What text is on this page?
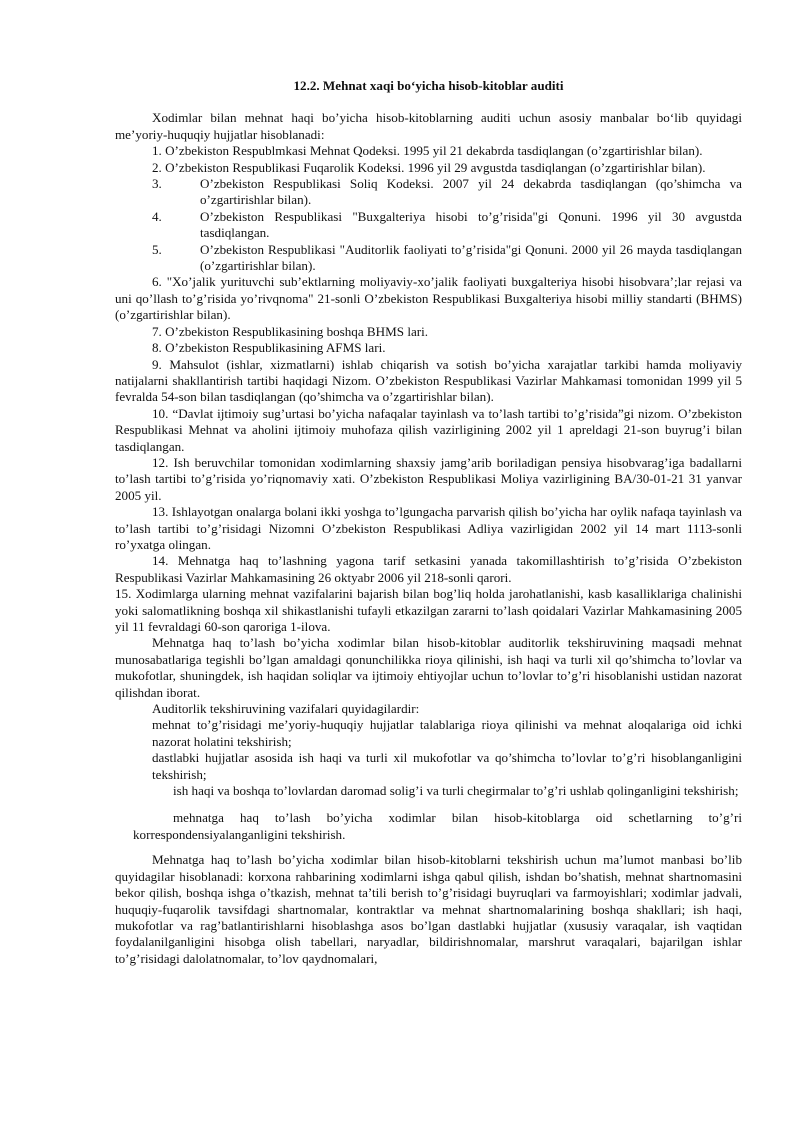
12.2. Mehnat xaqi bo‘yicha hisob-kitoblar auditi

Xodimlar bilan mehnat haqi bo’yicha hisob-kitoblarning auditi uchun asosiy manbalar bo‘lib quyidagi me’yoriy-huquqiy hujjatlar hisoblanadi:

1. O’zbekiston Respublmkasi Mehnat Qodeksi. 1995 yil 21 dekabrda tasdiqlangan (o’zgartirishlar bilan).

2. O’zbekiston Respublikasi Fuqarolik Kodeksi. 1996 yil 29 avgustda tasdiqlangan (o’zgartirishlar bilan).

3.	O’zbekiston Respublikasi Soliq Kodeksi. 2007 yil 24 dekabrda tasdiqlangan (qo’shimcha va o’zgartirishlar bilan).
4.	O’zbekiston Respublikasi "Buxgalteriya hisobi to’g’risida"gi Qonuni. 1996 yil 30 avgustda tasdiqlangan.
5.	O’zbekiston Respublikasi "Auditorlik faoliyati to’g’risida"gi Qonuni. 2000 yil 26 mayda tasdiqlangan (o’zgartirishlar bilan).

6. "Xo’jalik yurituvchi sub’ektlarning moliyaviy-xo’jalik faoliyati buxgalteriya hisobi hisobvara’;lar rejasi va uni qo’llash to’g’risida yo’rivqnoma" 21-sonli O’zbekiston Respublikasi Buxgalteriya hisobi milliy standarti (BHMS) (o’zgartirishlar bilan).

7. O’zbekiston Respublikasining boshqa BHMS lari.

8. O’zbekiston Respublikasining AFMS lari.

9. Mahsulot (ishlar, xizmatlarni) ishlab chiqarish va sotish bo’yicha xarajatlar tarkibi hamda moliyaviy natijalarni shakllantirish tartibi haqidagi Nizom. O’zbekiston Respublikasi Vazirlar Mahkamasi tomonidan 1999 yil 5 fevralda 54-son bilan tasdiqlangan (qo’shimcha va o’zgartirishlar bilan).

10. “Davlat ijtimoiy sug’urtasi bo’yicha nafaqalar tayinlash va to’lash tartibi to’g’risida”gi nizom. O’zbekiston Respublikasi Mehnat va aholini ijtimoiy muhofaza qilish vazirligining 2002 yil 1 apreldagi 21-son buyrug’i bilan tasdiqlangan.

12. Ish beruvchilar tomonidan xodimlarning shaxsiy jamg’arib boriladigan pensiya hisobvarag’iga badallarni to’lash tartibi to’g’risida yo’riqnomaviy xati. O’zbekiston Respublikasi Moliya vazirligining BA/30-01-21 31 yanvar 2005 yil.

13. Ishlayotgan onalarga bolani ikki yoshga to’lgungacha parvarish qilish bo’yicha har oylik nafaqa tayinlash va to’lash tartibi to’g’risidagi Nizomni O’zbekiston Respublikasi Adliya vazirligidan 2002 yil 14 mart 1113-sonli ro’yxatga olingan.

14. Mehnatga haq to’lashning yagona tarif setkasini yanada takomillashtirish to’g’risida O’zbekiston Respublikasi Vazirlar Mahkamasining 26 oktyabr 2006 yil 218-sonli qarori.

15. Xodimlarga ularning mehnat vazifalarini bajarish bilan bog’liq holda jarohatlanishi, kasb kasalliklariga chalinishi yoki salomatlikning boshqa xil shikastlanishi tufayli etkazilgan zararni to’lash qoidalari Vazirlar Mahkamasining 2005 yil 11 fevraldagi 60-son qaroriga 1-ilova.

Mehnatga haq to’lash bo’yicha xodimlar bilan hisob-kitoblar auditorlik tekshiruvining maqsadi mehnat munosabatlariga tegishli bo’lgan amaldagi qonunchilikka rioya qilinishi, ish haqi va turli xil qo’shimcha to’lovlar va mukofotlar, shuningdek, ish haqidan soliqlar va ijtimoiy ehtiyojlar uchun to’lovlar to’g’ri hisoblanishi ustidan nazorat qilishdan iborat.

Auditorlik tekshiruvining vazifalari quyidagilardir:

mehnat to’g’risidagi me’yoriy-huquqiy hujjatlar talablariga rioya qilinishi va mehnat aloqalariga oid ichki nazorat holatini tekshirish;

dastlabki hujjatlar asosida ish haqi va turli xil mukofotlar va qo’shimcha to’lovlar to’g’ri hisoblanganligini tekshirish;

ish haqi va boshqa to’lovlardan daromad solig’i va turli chegirmalar to’g’ri ushlab qolinganligini tekshirish;

mehnatga haq to’lash bo’yicha xodimlar bilan hisob-kitoblarga oid schetlarning to’g’ri korrespondensiyalanganligini tekshirish.

Mehnatga haq to’lash bo’yicha xodimlar bilan hisob-kitoblarni tekshirish uchun ma’lumot manbasi bo’lib quyidagilar hisoblanadi: korxona rahbarining xodimlarni ishga qabul qilish, ishdan bo’shatish, mehnat shartnomasini bekor qilish, boshqa ishga o’tkazish, mehnat ta’tili berish to’g’risidagi buyruqlari va farmoyishlari; xodimlar jadvali, huquqiy-fuqarolik tavsifdagi shartnomalar, kontraktlar va mehnat shartnomalarining boshqa shakllari; ish haqi, mukofotlar va rag’batlantirishlarni hisoblashga asos bo’lgan dastlabki hujjatlar (xususiy varaqalar, ish vaqtidan foydalanilganligini hisobga olish tabellari, naryadlar, bildirishnomalar, marshrut varaqalari, bajarilgan ishlar to’g’risidagi dalolatnomalar, to’lov qaydnomalari,
